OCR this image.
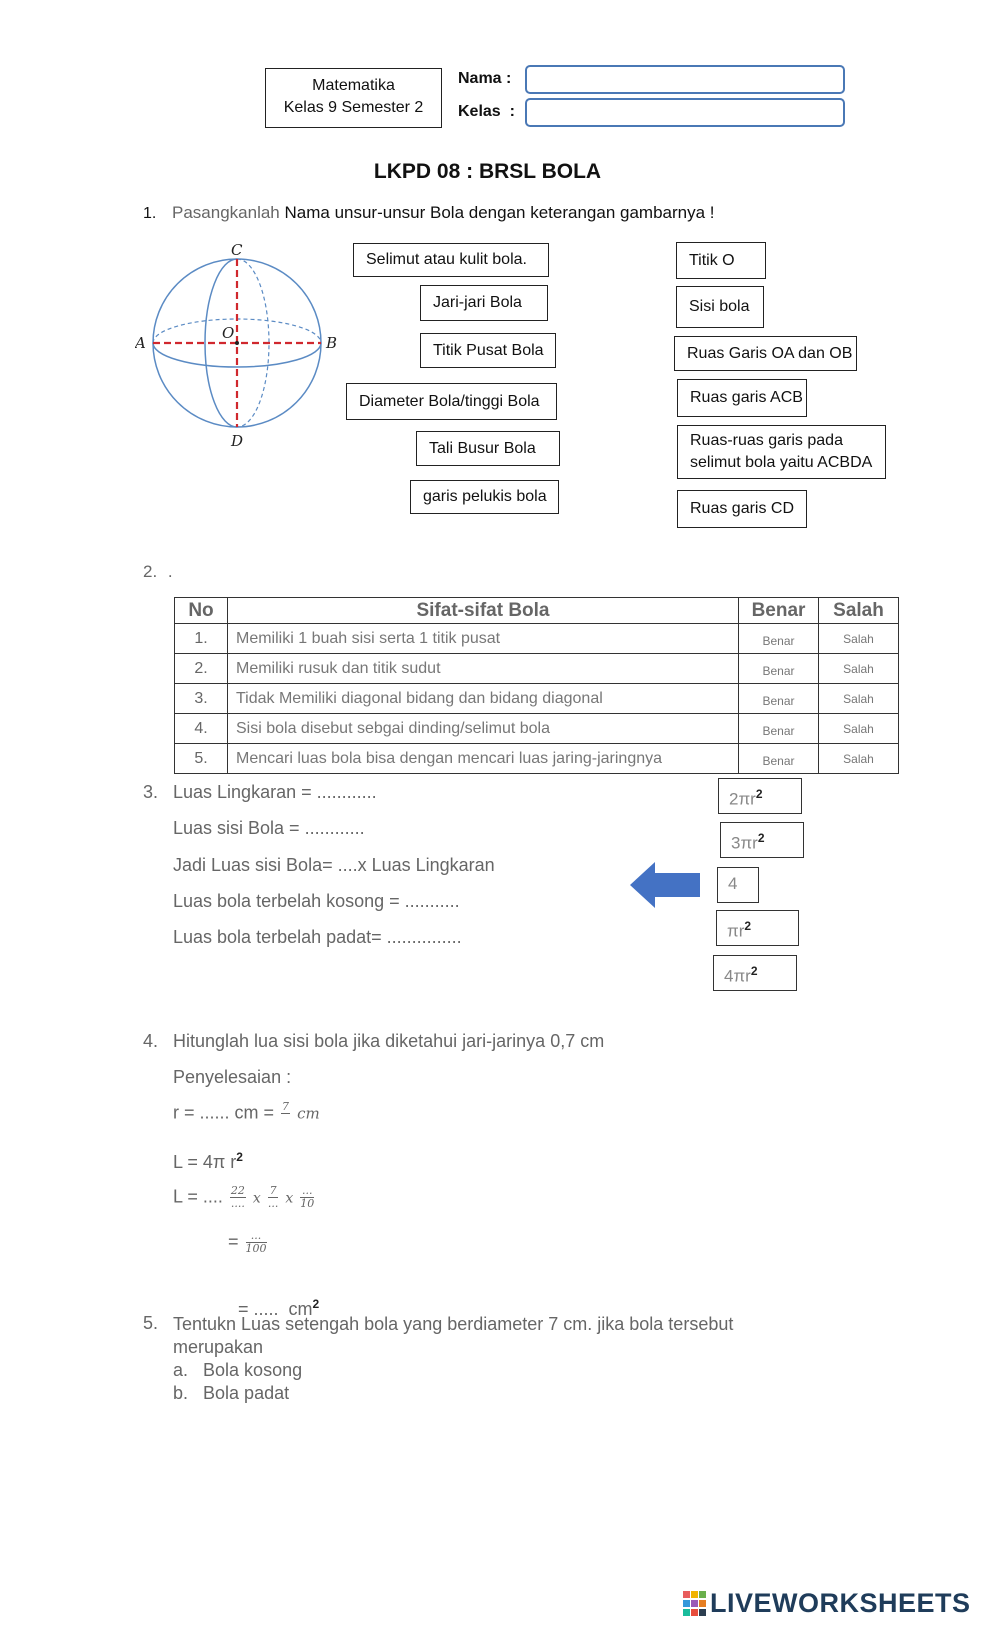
Matematika
Kelas 9 Semester 2
Nama :
Kelas  :
LKPD 08 : BRSL BOLA
1. Pasangkanlah Nama unsur-unsur Bola dengan keterangan gambarnya !
C
O
A	B
D
Selimut atau kulit bola.
Jari-jari Bola
Titik Pusat Bola
Diameter Bola/tinggi Bola
Tali Busur Bola
garis pelukis bola
Titik O
Sisi bola
Ruas Garis OA dan OB
Ruas garis ACB
Ruas-ruas garis pada selimut bola yaitu ACBDA
Ruas garis CD
2. .
No	Sifat-sifat Bola	Benar	Salah
1.	Memiliki 1 buah sisi serta 1 titik pusat	Benar	Salah
2.	Memiliki rusuk dan titik sudut	Benar	Salah
3.	Tidak Memiliki diagonal bidang dan bidang diagonal	Benar	Salah
4.	Sisi bola disebut sebgai dinding/selimut bola	Benar	Salah
5.	Mencari luas bola bisa dengan mencari luas jaring-jaringnya	Benar	Salah
3. Luas Lingkaran = ............
Luas sisi Bola = ............
Jadi Luas sisi Bola= ....x Luas Lingkaran
Luas bola terbelah kosong = ...........
Luas bola terbelah padat= ...............
$2\pi r^2$
$3\pi r^2$
4
$\pi r^2$
$4\pi r^2$
4. Hitunglah lua sisi bola jika diketahui jari-jarinya 0,7 cm
Penyelesaian :
r = ...... cm = 7
cm
L = 4π $r^2$
L = .... $\frac{22}{....}$ x $\frac{7}{...}$ x $\frac{...}{10}$
= $\frac{...}{100}$

= .....  $cm^2$

5. Tentukn Luas setengah bola yang berdiameter 7 cm. jika bola tersebut merupakan
a. Bola kosong
b. Bola padat
LIVEWORKSHEETS
